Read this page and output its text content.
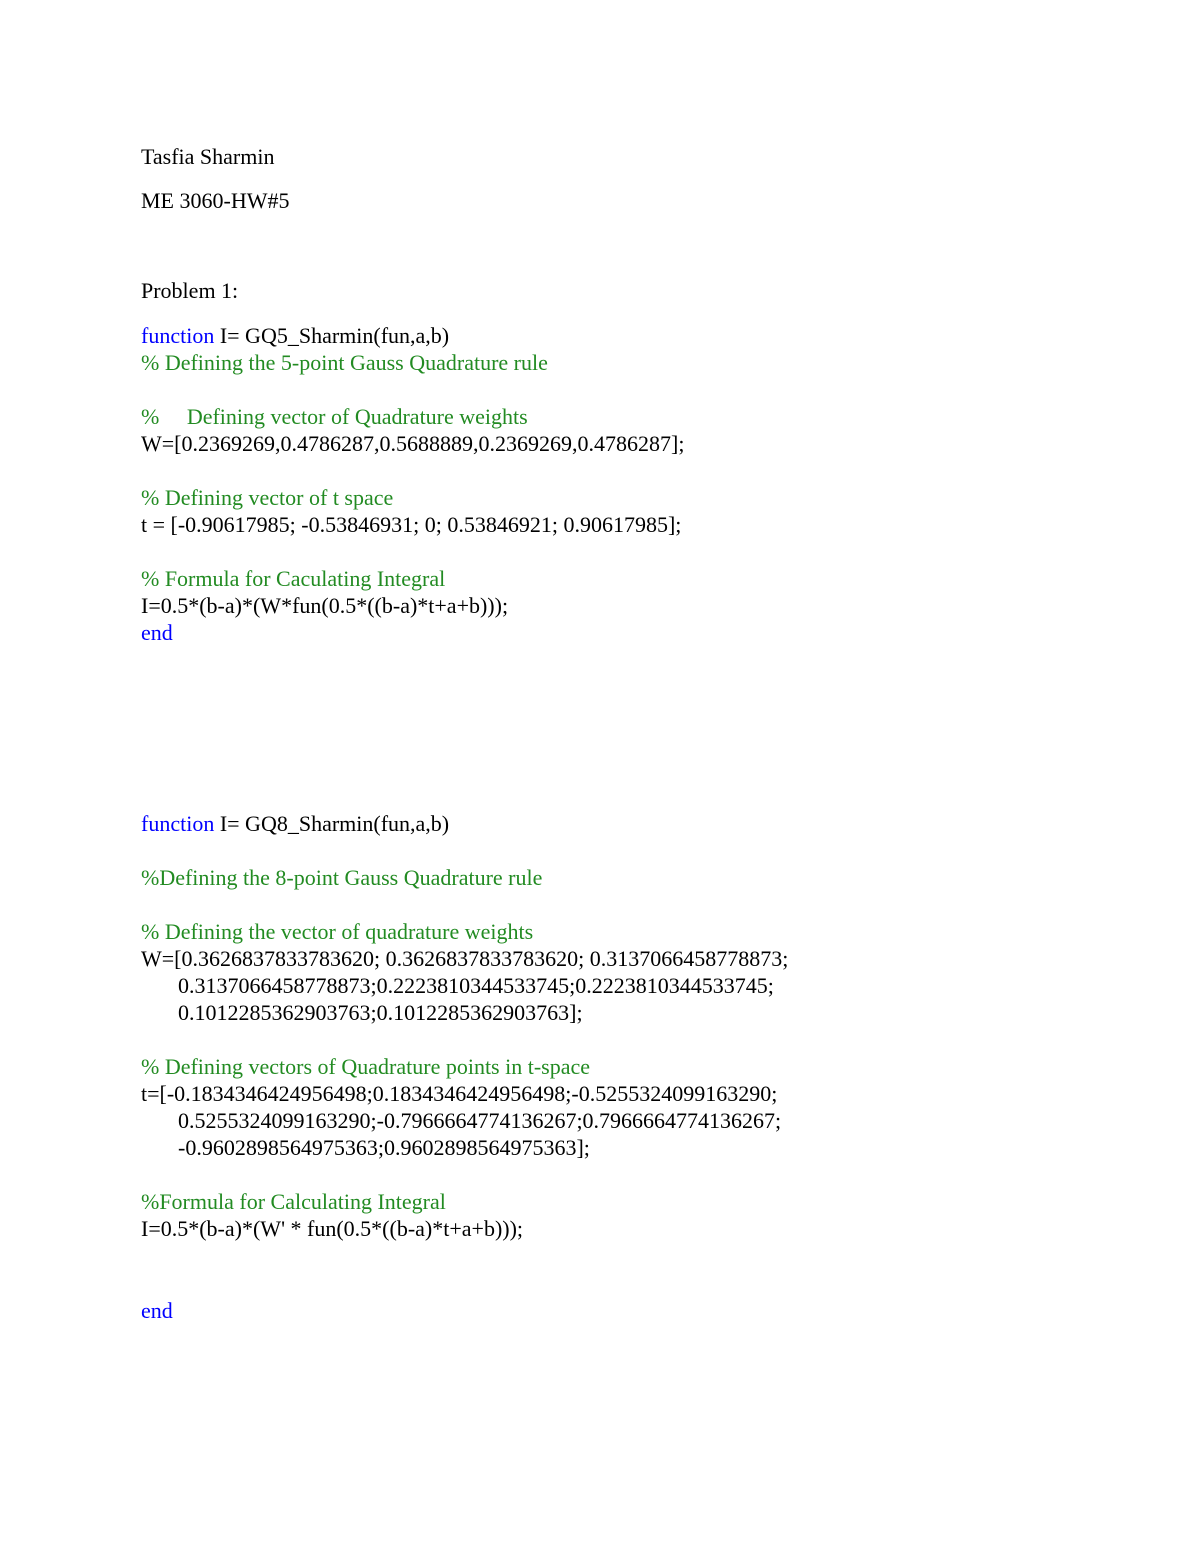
Tasfia Sharmin

ME 3060-HW#5

Problem 1:

function I= GQ5_Sharmin(fun,a,b)

% Defining the 5-point Gauss Quadrature rule

%     Defining vector of Quadrature weights

W=[0.2369269,0.4786287,0.5688889,0.2369269,0.4786287];

% Defining vector of t space

t = [-0.90617985; -0.53846931; 0; 0.53846921; 0.90617985];

% Formula for Caculating Integral

I=0.5*(b-a)*(W*fun(0.5*((b-a)*t+a+b)));

end

function I= GQ8_Sharmin(fun,a,b)

%Defining the 8-point Gauss Quadrature rule

% Defining the vector of quadrature weights

W=[0.3626837833783620; 0.3626837833783620; 0.3137066458778873;

0.3137066458778873;0.2223810344533745;0.2223810344533745;

0.1012285362903763;0.1012285362903763];

% Defining vectors of Quadrature points in t-space

t=[-0.1834346424956498;0.1834346424956498;-0.5255324099163290;

0.5255324099163290;-0.7966664774136267;0.7966664774136267;

-0.9602898564975363;0.9602898564975363];

%Formula for Calculating Integral

I=0.5*(b-a)*(W' * fun(0.5*((b-a)*t+a+b)));

end
